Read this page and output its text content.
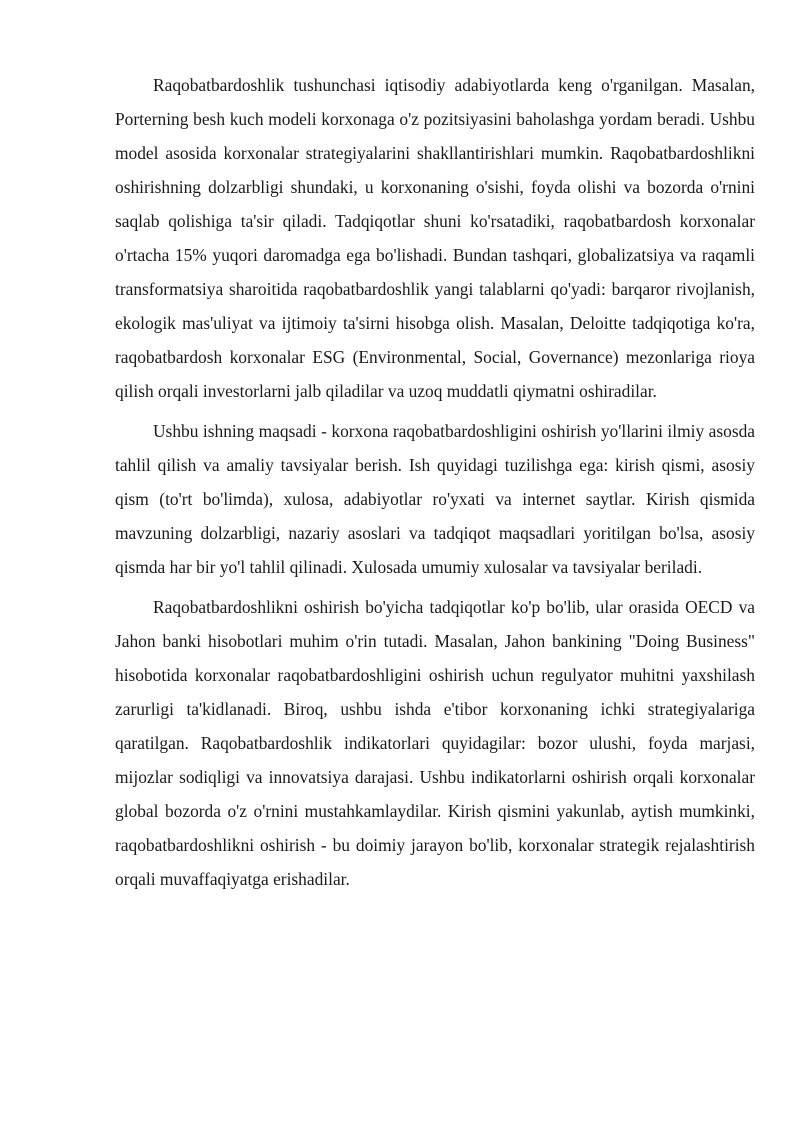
Raqobatbardoshlik tushunchasi iqtisodiy adabiyotlarda keng o'rganilgan. Masalan, Porterning besh kuch modeli korxonaga o'z pozitsiyasini baholashga yordam beradi. Ushbu model asosida korxonalar strategiyalarini shakllantirishlari mumkin. Raqobatbardoshlikni oshirishning dolzarbligi shundaki, u korxonaning o'sishi, foyda olishi va bozorda o'rnini saqlab qolishiga ta'sir qiladi. Tadqiqotlar shuni ko'rsatadiki, raqobatbardosh korxonalar o'rtacha 15% yuqori daromadga ega bo'lishadi. Bundan tashqari, globalizatsiya va raqamli transformatsiya sharoitida raqobatbardoshlik yangi talablarni qo'yadi: barqaror rivojlanish, ekologik mas'uliyat va ijtimoiy ta'sirni hisobga olish. Masalan, Deloitte tadqiqotiga ko'ra, raqobatbardosh korxonalar ESG (Environmental, Social, Governance) mezonlariga rioya qilish orqali investorlarni jalb qiladilar va uzoq muddatli qiymatni oshiradilar.

Ushbu ishning maqsadi - korxona raqobatbardoshligini oshirish yo'llarini ilmiy asosda tahlil qilish va amaliy tavsiyalar berish. Ish quyidagi tuzilishga ega: kirish qismi, asosiy qism (to'rt bo'limda), xulosa, adabiyotlar ro'yxati va internet saytlar. Kirish qismida mavzuning dolzarbligi, nazariy asoslari va tadqiqot maqsadlari yoritilgan bo'lsa, asosiy qismda har bir yo'l tahlil qilinadi. Xulosada umumiy xulosalar va tavsiyalar beriladi.

Raqobatbardoshlikni oshirish bo'yicha tadqiqotlar ko'p bo'lib, ular orasida OECD va Jahon banki hisobotlari muhim o'rin tutadi. Masalan, Jahon bankining "Doing Business" hisobotida korxonalar raqobatbardoshligini oshirish uchun regulyator muhitni yaxshilash zarurligi ta'kidlanadi. Biroq, ushbu ishda e'tibor korxonaning ichki strategiyalariga qaratilgan. Raqobatbardoshlik indikatorlari quyidagilar: bozor ulushi, foyda marjasi, mijozlar sodiqligi va innovatsiya darajasi. Ushbu indikatorlarni oshirish orqali korxonalar global bozorda o'z o'rnini mustahkamlaydilar. Kirish qismini yakunlab, aytish mumkinki, raqobatbardoshlikni oshirish - bu doimiy jarayon bo'lib, korxonalar strategik rejalashtirish orqali muvaffaqiyatga erishadilar.
